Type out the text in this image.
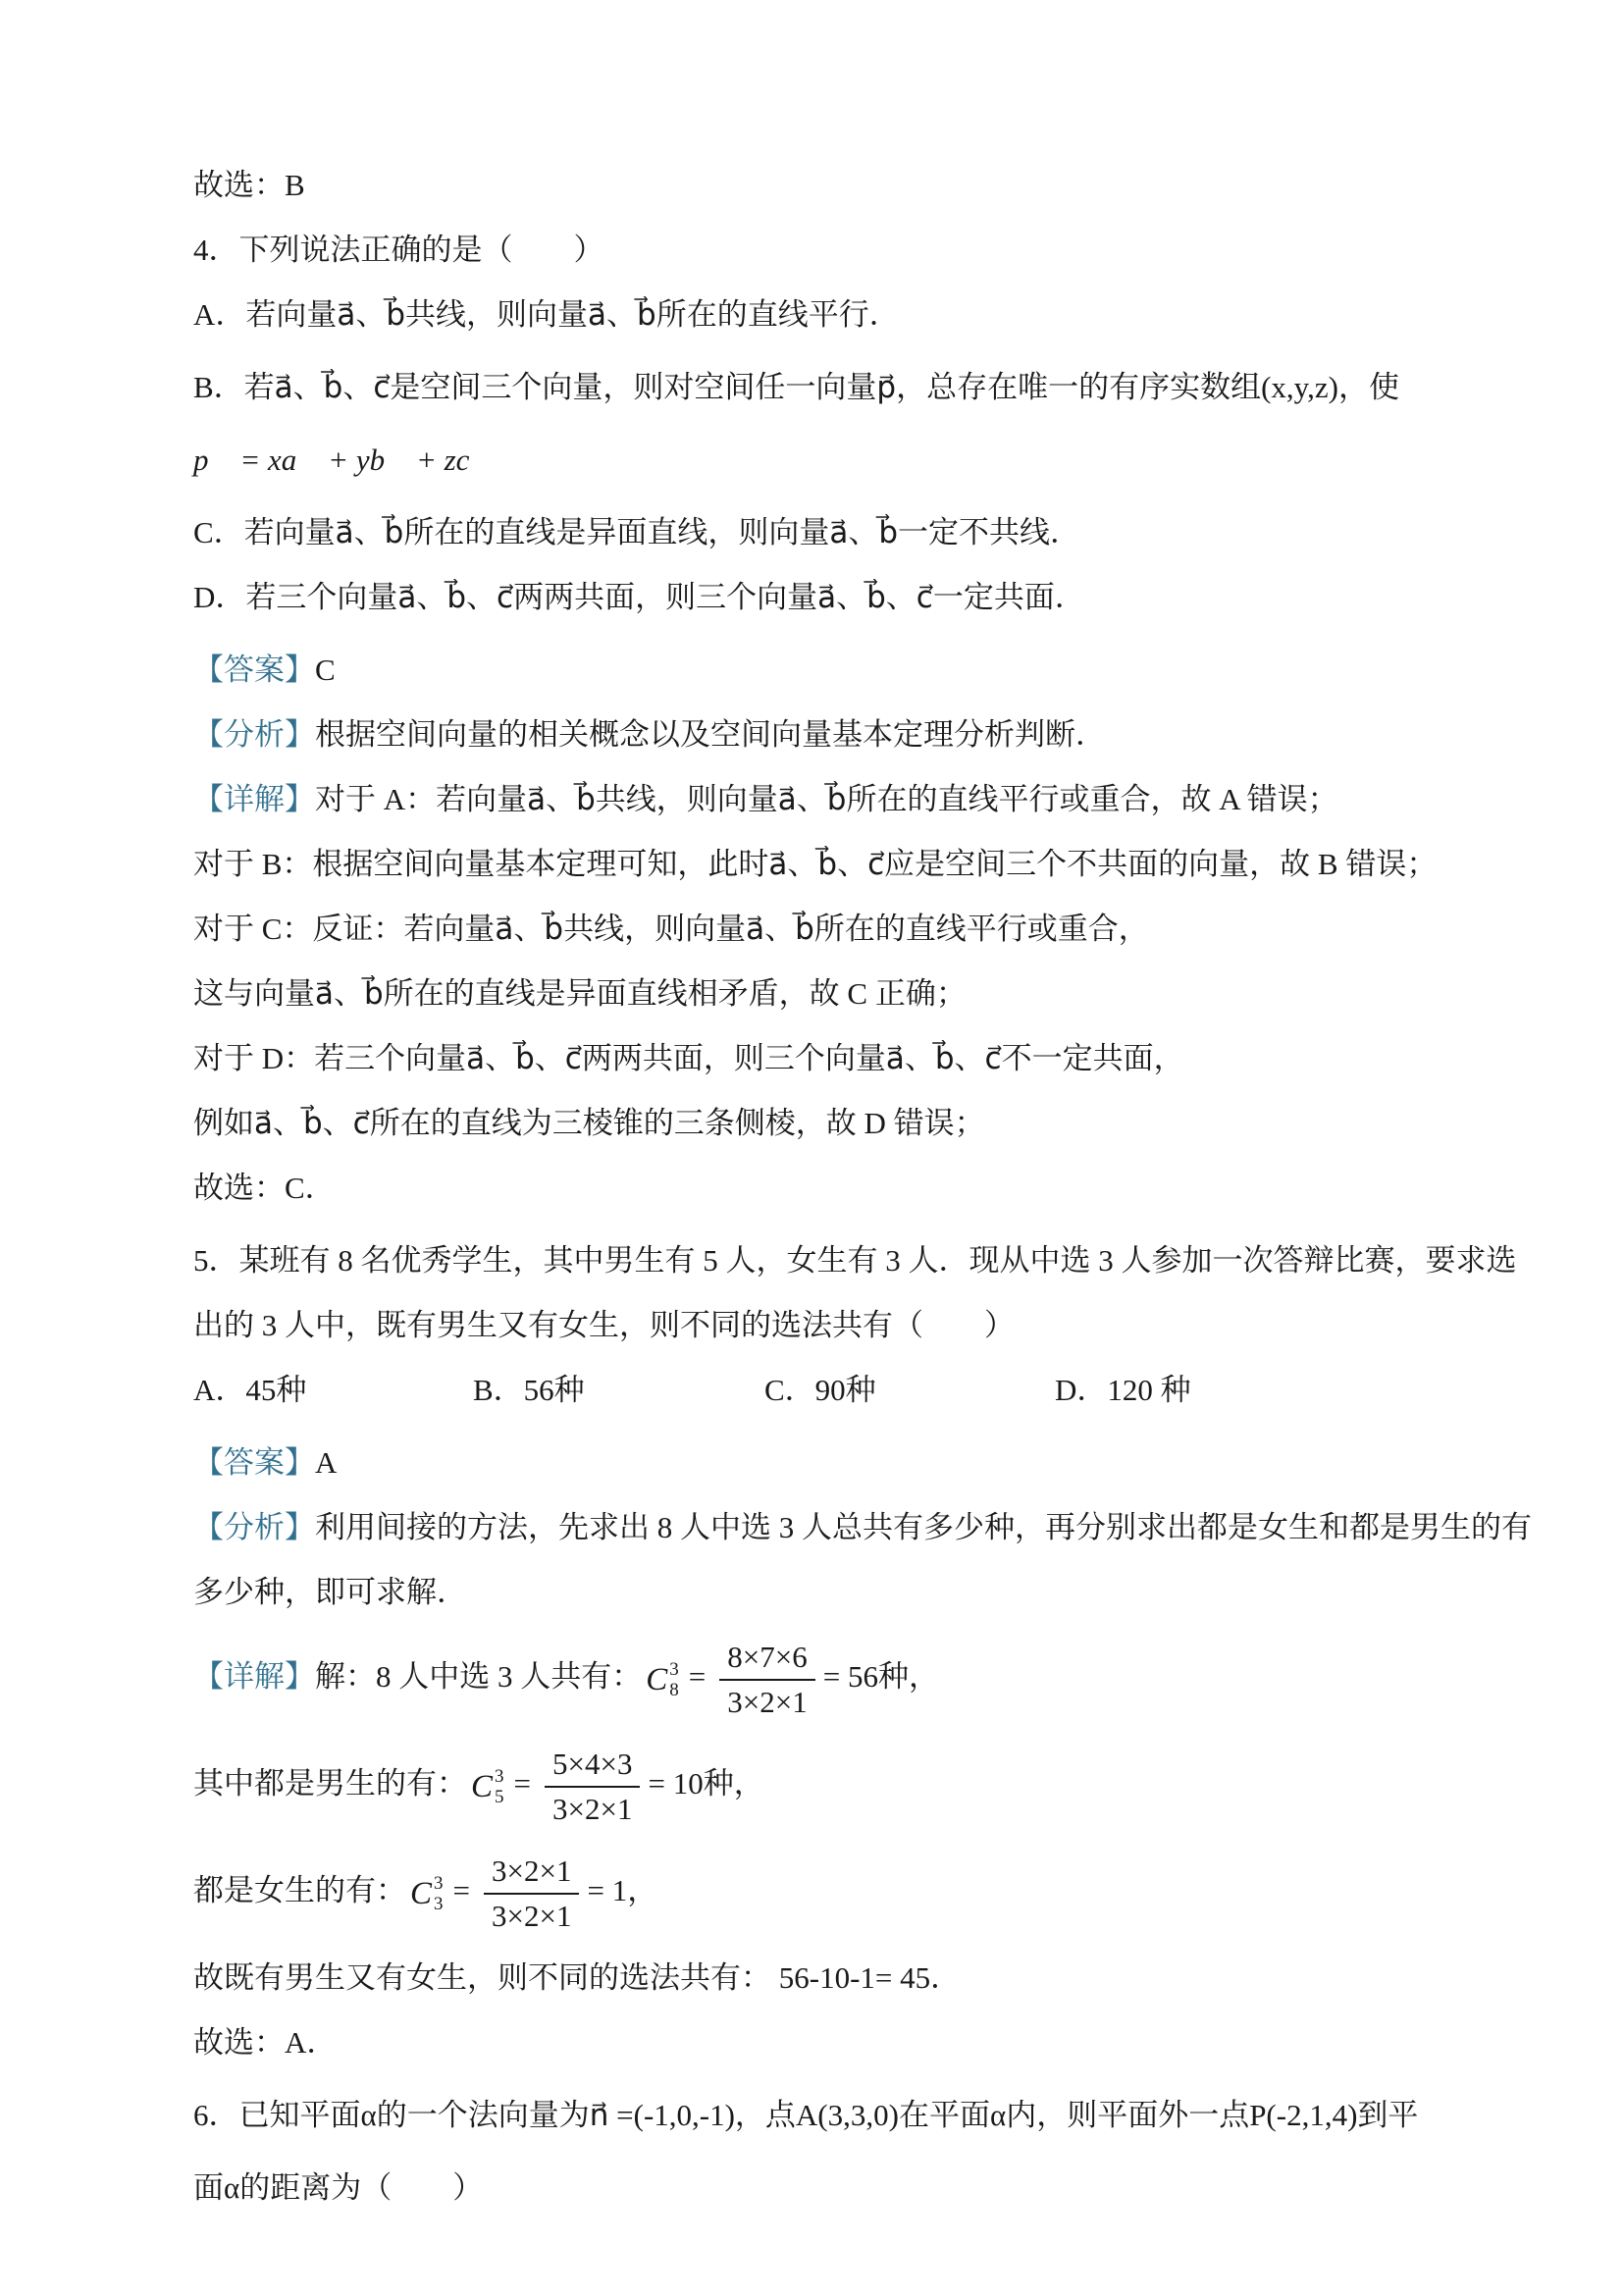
故选：B

4．下列说法正确的是（　　）

A．若向量a⃗、b⃗共线，则向量a⃗、b⃗所在的直线平行．

B．若a⃗、b⃗、c⃗是空间三个向量，则对空间任一向量p⃗，总存在唯一的有序实数组(x,y,z)，使

p⃗ = xa⃗ + yb⃗ + zc⃗ ．

C．若向量a⃗、b⃗所在的直线是异面直线，则向量a⃗、b⃗一定不共线．

D．若三个向量a⃗、b⃗、c⃗两两共面，则三个向量a⃗、b⃗、c⃗一定共面．

【答案】C

【分析】根据空间向量的相关概念以及空间向量基本定理分析判断．

【详解】对于 A：若向量a⃗、b⃗共线，则向量a⃗、b⃗所在的直线平行或重合，故 A 错误；

对于 B：根据空间向量基本定理可知，此时a⃗、b⃗、c⃗应是空间三个不共面的向量，故 B 错误；

对于 C：反证：若向量a⃗、b⃗共线，则向量a⃗、b⃗所在的直线平行或重合，

这与向量a⃗、b⃗所在的直线是异面直线相矛盾，故 C 正确；

对于 D：若三个向量a⃗、b⃗、c⃗两两共面，则三个向量a⃗、b⃗、c⃗不一定共面，

例如a⃗、b⃗、c⃗所在的直线为三棱锥的三条侧棱，故 D 错误；

故选：C．

5．某班有 8 名优秀学生，其中男生有 5 人，女生有 3 人．现从中选 3 人参加一次答辩比赛，要求选

出的 3 人中，既有男生又有女生，则不同的选法共有（　　）

A．45种	B．56种	C．90种	D．120 种

【答案】A

【分析】利用间接的方法，先求出 8 人中选 3 人总共有多少种，再分别求出都是女生和都是男生的有

多少种，即可求解．

【详解】解：8 人中选 3 人共有： C 3
$8 = \frac{8\times 7\times 6}{3\times 2\times 1} = 56$种，

其中都是男生的有： C 3
$5 = \frac{5\times 4\times 3}{3\times 2\times 1} = 10$种，

都是女生的有： C 3
$3 = \frac{3\times 2\times 1}{3\times 2\times 1} = 1$，

故既有男生又有女生，则不同的选法共有： 56-10-1= 45．

故选：A．

6．已知平面α的一个法向量为n⃗ =(-1,0,-1)，点A(3,3,0)在平面α内，则平面外一点P(-2,1,4)到平

面α的距离为（　　）
